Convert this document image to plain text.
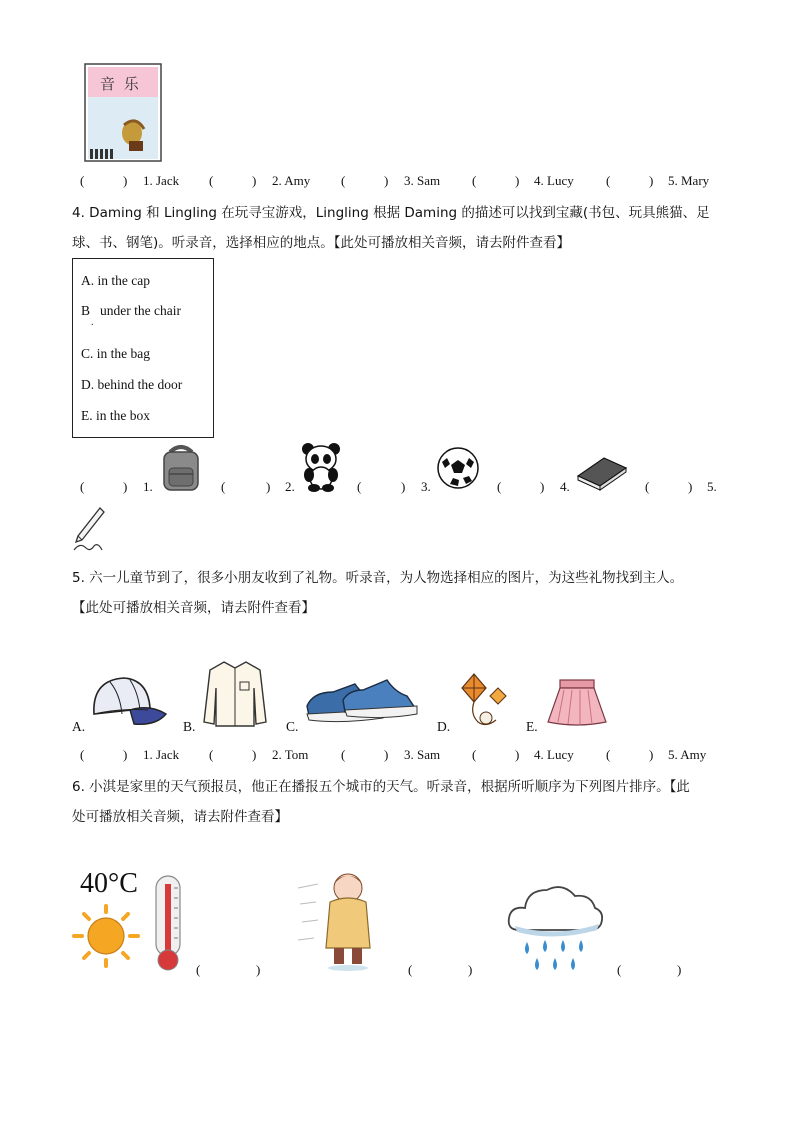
音 乐
(	) 1. Jack (	) 2. Amy (	) 3. Sam (	) 4. Lucy (	) 5. Mary
4. Daming 和 Lingling 在玩寻宝游戏，Lingling 根据 Daming 的描述可以找到宝藏(书包、玩具熊猫、足
球、书、钢笔)。听录音，选择相应的地点。【此处可播放相关音频，请去附件查看】
A. in the cap
B
.
under the chair
C. in the bag
D. behind the door
E. in the box
(	) 1.	(	) 2.	(	) 3.	(	) 4.	(	) 5.
5. 六一儿童节到了，很多小朋友收到了礼物。听录音，为人物选择相应的图片，为这些礼物找到主人。
【此处可播放相关音频，请去附件查看】
A.	B.	C.	D.	E.
(	) 1. Jack (	) 2. Tom	(	) 3. Sam (	) 4. Lucy (	) 5. Amy
6. 小淇是家里的天气预报员，他正在播报五个城市的天气。听录音，根据所听顺序为下列图片排序。【此
处可播放相关音频，请去附件查看】
40°C
(	)	(	)	(	)
